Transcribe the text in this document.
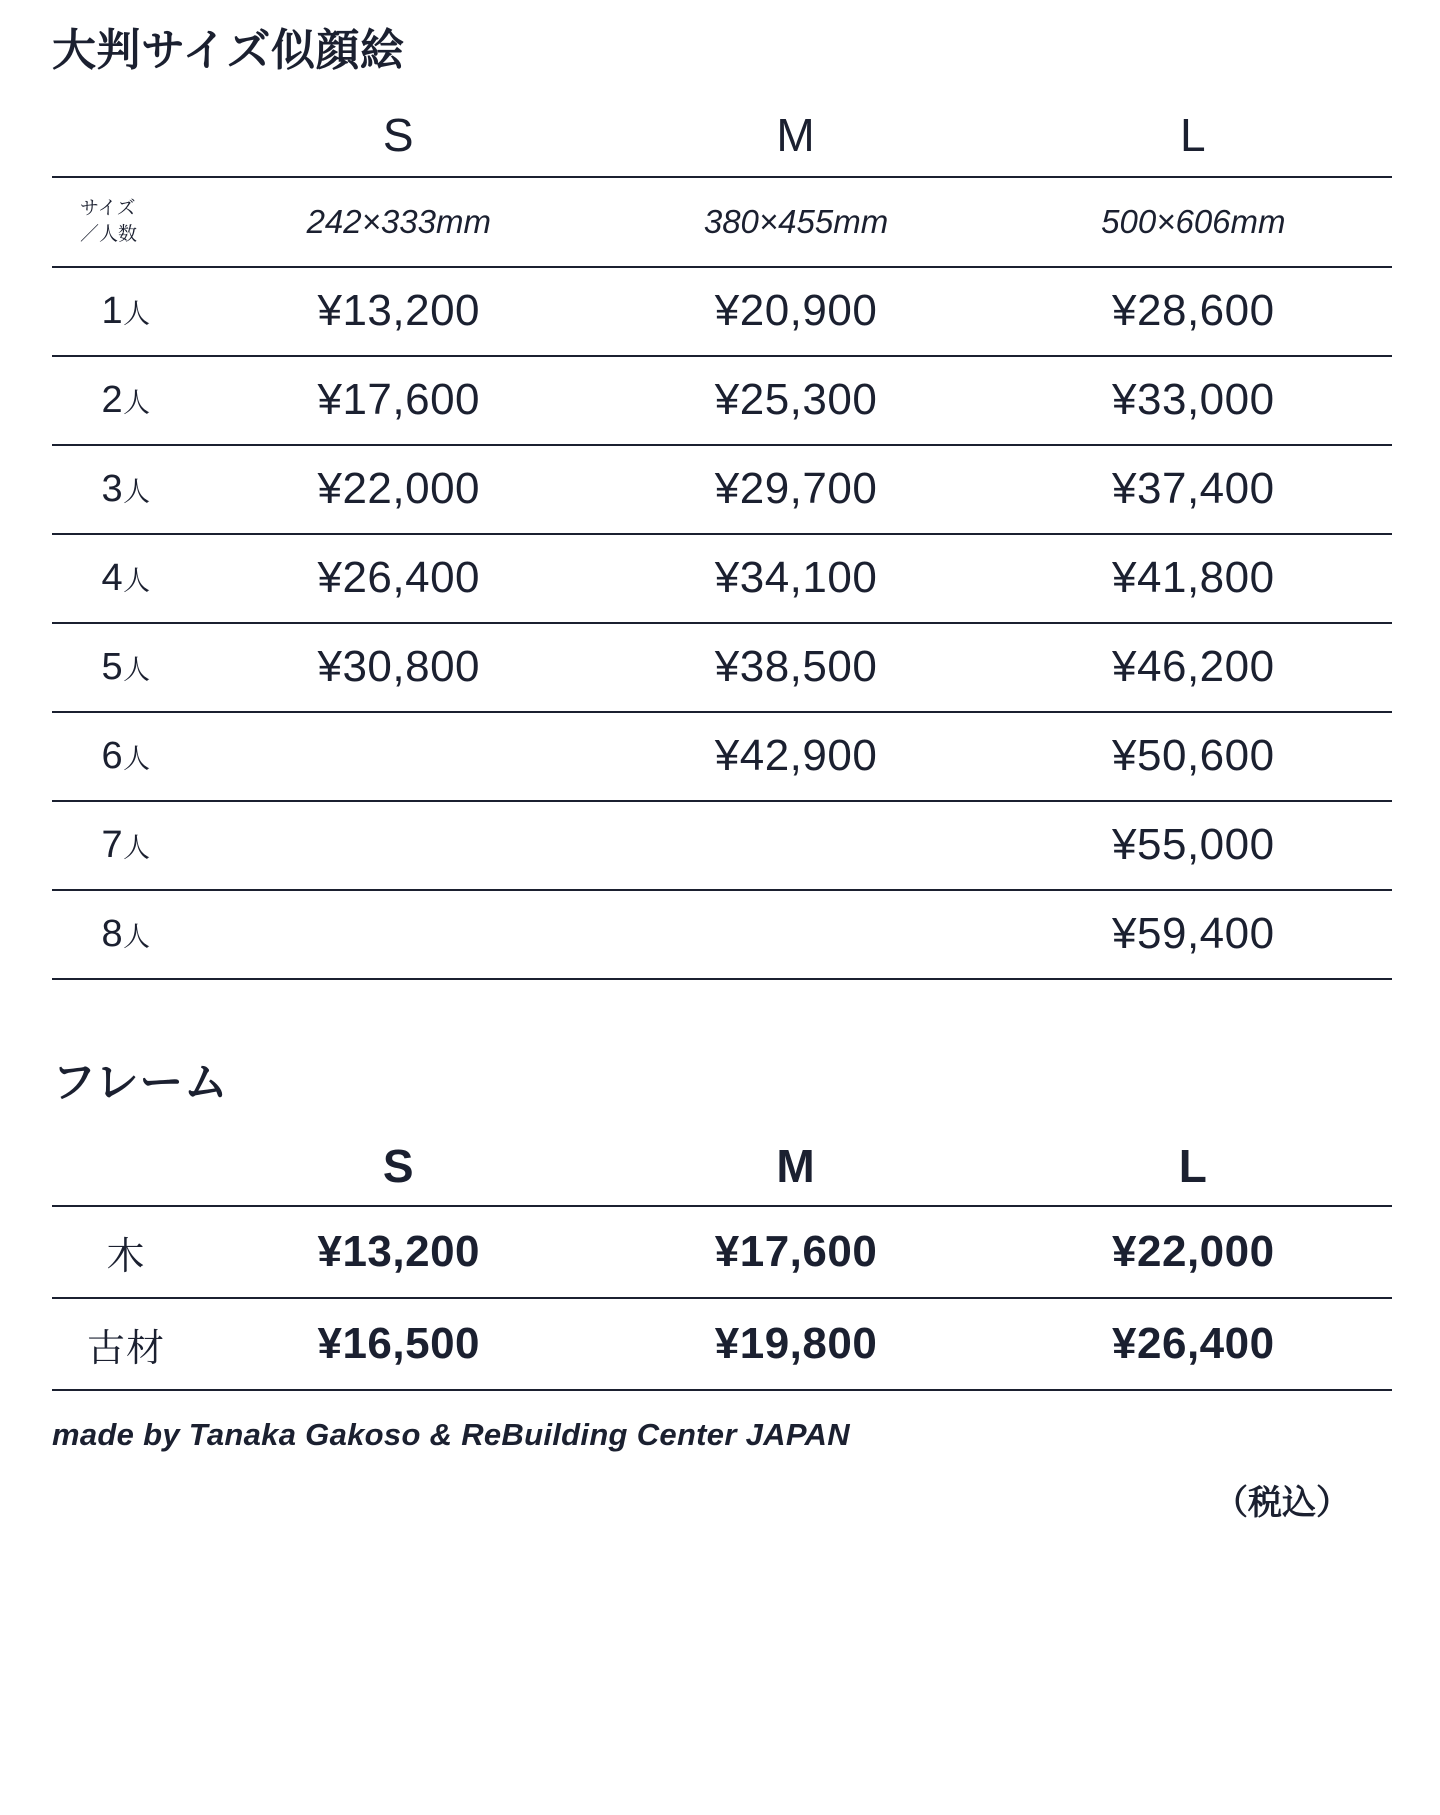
大判サイズ似顔絵
	S	M	L
サイズ
／人数	242×333mm	380×455mm	500×606mm
1人	¥13,200	¥20,900	¥28,600
2人	¥17,600	¥25,300	¥33,000
3人	¥22,000	¥29,700	¥37,400
4人	¥26,400	¥34,100	¥41,800
5人	¥30,800	¥38,500	¥46,200
6人		¥42,900	¥50,600
7人			¥55,000
8人			¥59,400
フレーム
	S	M	L
木	¥13,200	¥17,600	¥22,000
古材	¥16,500	¥19,800	¥26,400
made by Tanaka Gakoso & ReBuilding Center JAPAN
（税込）
